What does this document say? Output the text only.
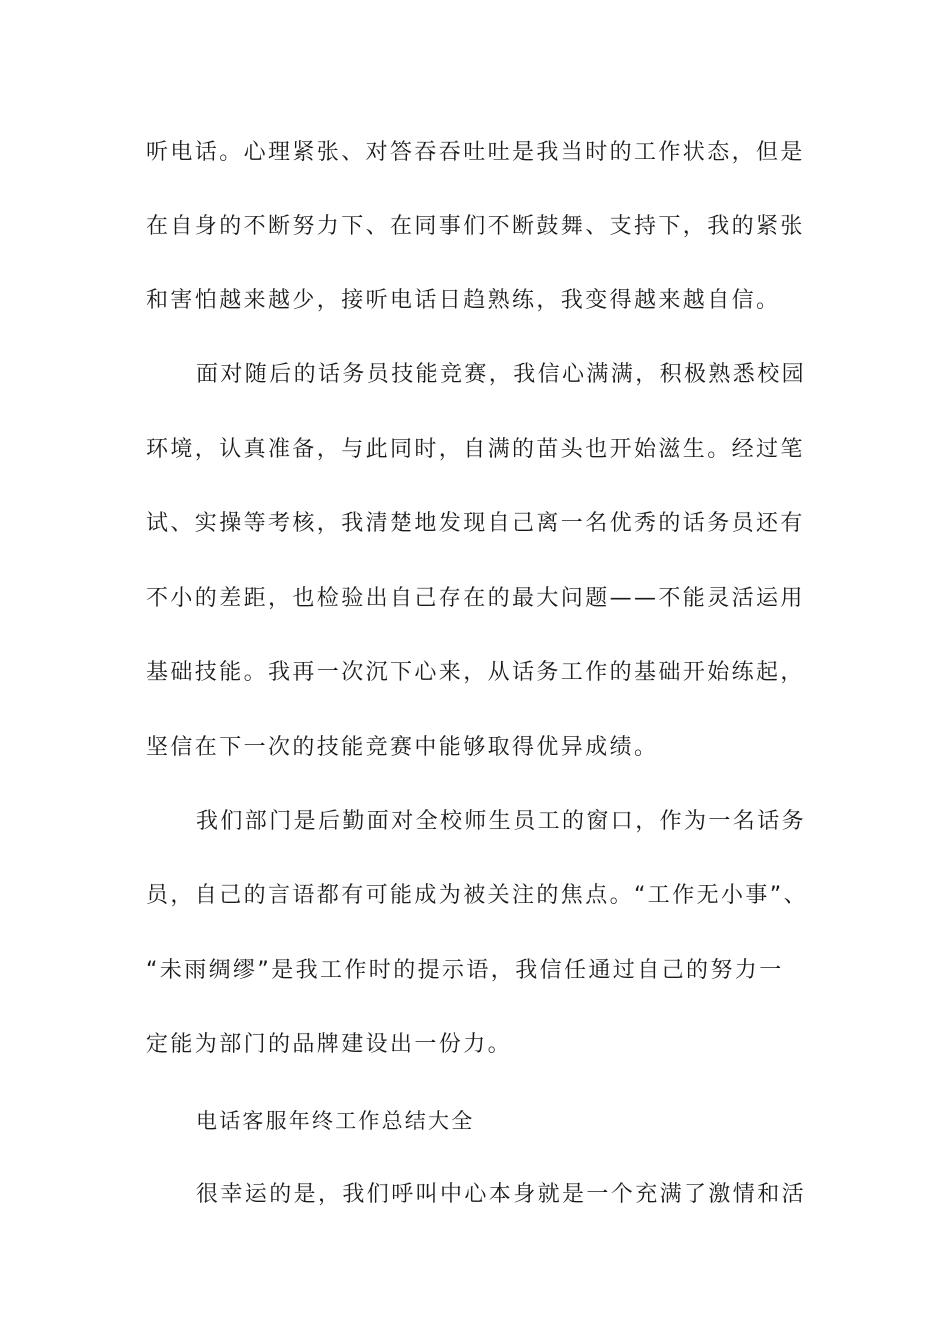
听电话。心理紧张、对答吞吞吐吐是我当时的工作状态，但是
在自身的不断努力下、在同事们不断鼓舞、支持下，我的紧张
和害怕越来越少，接听电话日趋熟练，我变得越来越自信。
面对随后的话务员技能竞赛，我信心满满，积极熟悉校园
环境，认真准备，与此同时，自满的苗头也开始滋生。经过笔
试、实操等考核，我清楚地发现自己离一名优秀的话务员还有
不小的差距，也检验出自己存在的最大问题——不能灵活运用
基础技能。我再一次沉下心来，从话务工作的基础开始练起，
坚信在下一次的技能竞赛中能够取得优异成绩。
我们部门是后勤面对全校师生员工的窗口，作为一名话务
员，自己的言语都有可能成为被关注的焦点。“工作无小事”、
“未雨绸缪”是我工作时的提示语，我信任通过自己的努力一
定能为部门的品牌建设出一份力。
电话客服年终工作总结大全
很幸运的是，我们呼叫中心本身就是一个充满了激情和活
